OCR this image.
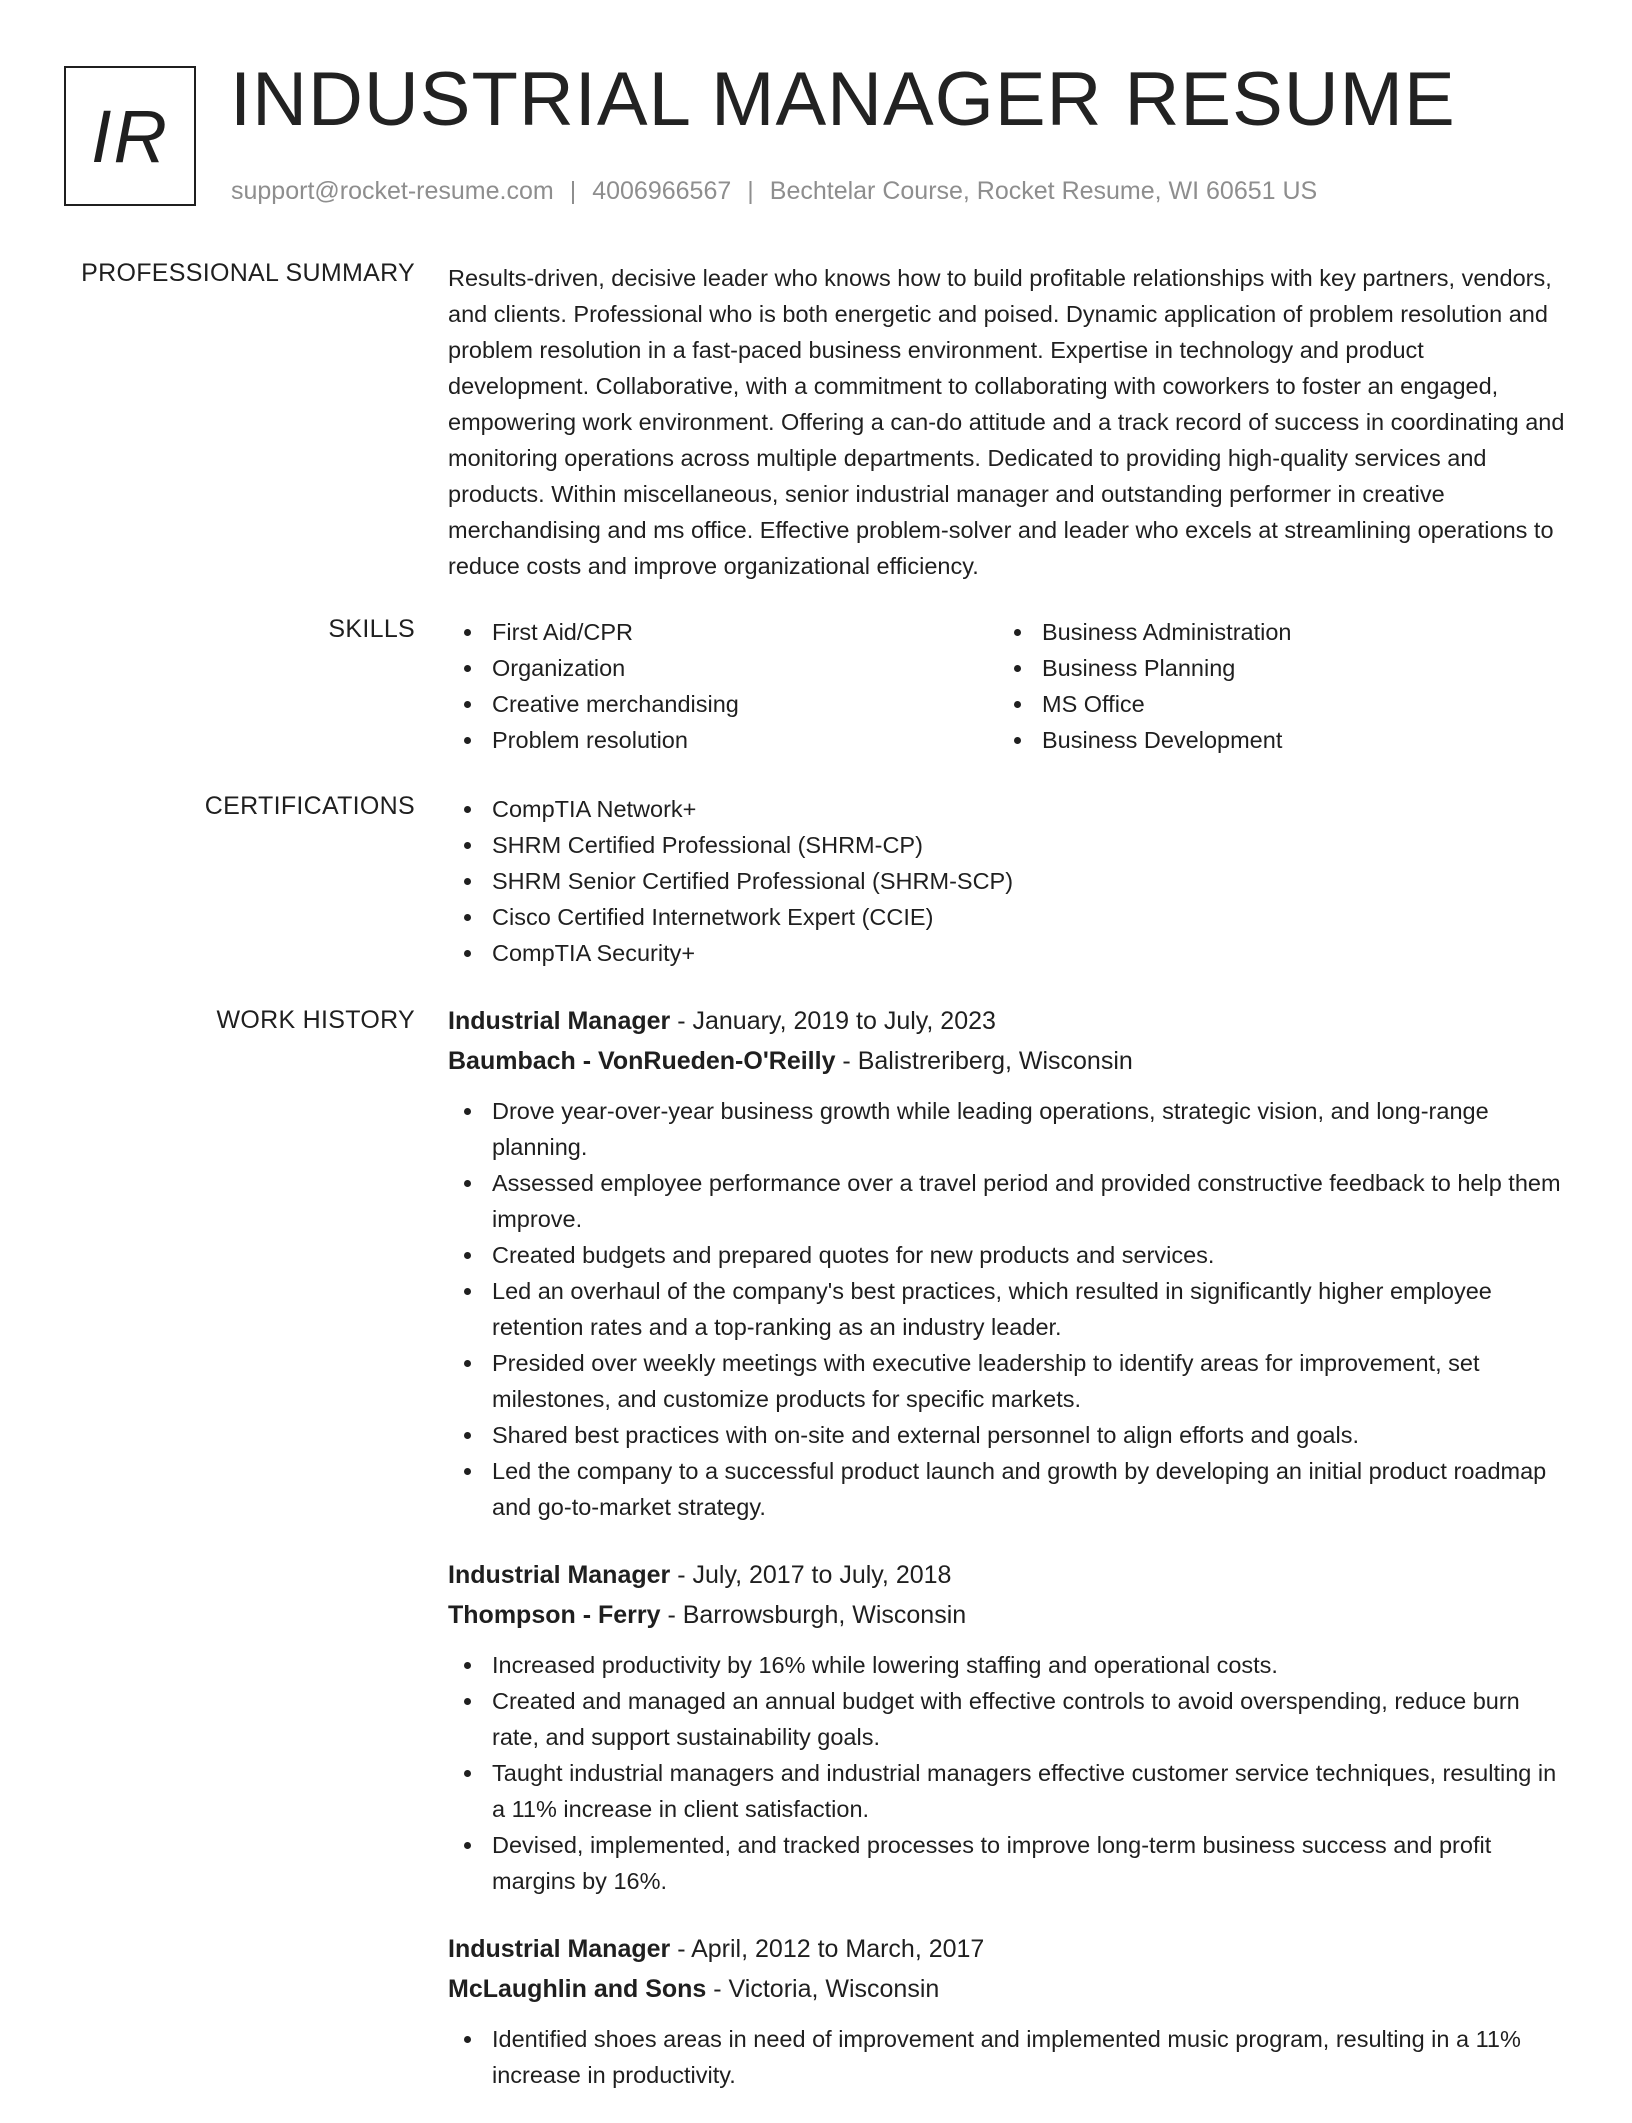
IR INDUSTRIAL MANAGER RESUME
support@rocket-resume.com | 4006966567 | Bechtelar Course, Rocket Resume, WI 60651 US
PROFESSIONAL SUMMARY Results-driven, decisive leader who knows how to build profitable relationships with key partners, vendors, and clients. Professional who is both energetic and poised. Dynamic application of problem resolution and problem resolution in a fast-paced business environment. Expertise in technology and product development. Collaborative, with a commitment to collaborating with coworkers to foster an engaged, empowering work environment. Offering a can-do attitude and a track record of success in coordinating and monitoring operations across multiple departments. Dedicated to providing high-quality services and products. Within miscellaneous, senior industrial manager and outstanding performer in creative merchandising and ms office. Effective problem-solver and leader who excels at streamlining operations to reduce costs and improve organizational efficiency.

SKILLS	First Aid/CPR
Organization
Creative merchandising
Problem resolution
Business Administration
Business Planning
MS Office
Business Development
CERTIFICATIONS	CompTIA Network+
SHRM Certified Professional (SHRM-CP)
SHRM Senior Certified Professional (SHRM-SCP)
Cisco Certified Internetwork Expert (CCIE)
CompTIA Security+
WORK HISTORY Industrial Manager - January, 2019 to July, 2023
Baumbach - VonRueden-O'Reilly - Balistreriberg, Wisconsin
Drove year-over-year business growth while leading operations, strategic vision, and long-range planning.
Assessed employee performance over a travel period and provided constructive feedback to help them improve.
Created budgets and prepared quotes for new products and services.
Led an overhaul of the company's best practices, which resulted in significantly higher employee retention rates and a top-ranking as an industry leader.
Presided over weekly meetings with executive leadership to identify areas for improvement, set milestones, and customize products for specific markets.
Shared best practices with on-site and external personnel to align efforts and goals.
Led the company to a successful product launch and growth by developing an initial product roadmap and go-to-market strategy.
Industrial Manager - July, 2017 to July, 2018
Thompson - Ferry - Barrowsburgh, Wisconsin
Increased productivity by 16% while lowering staffing and operational costs.
Created and managed an annual budget with effective controls to avoid overspending, reduce burn rate, and support sustainability goals.
Taught industrial managers and industrial managers effective customer service techniques, resulting in a 11% increase in client satisfaction.
Devised, implemented, and tracked processes to improve long-term business success and profit margins by 16%.
Industrial Manager - April, 2012 to March, 2017
McLaughlin and Sons - Victoria, Wisconsin
Identified shoes areas in need of improvement and implemented music program, resulting in a 11% increase in productivity.
